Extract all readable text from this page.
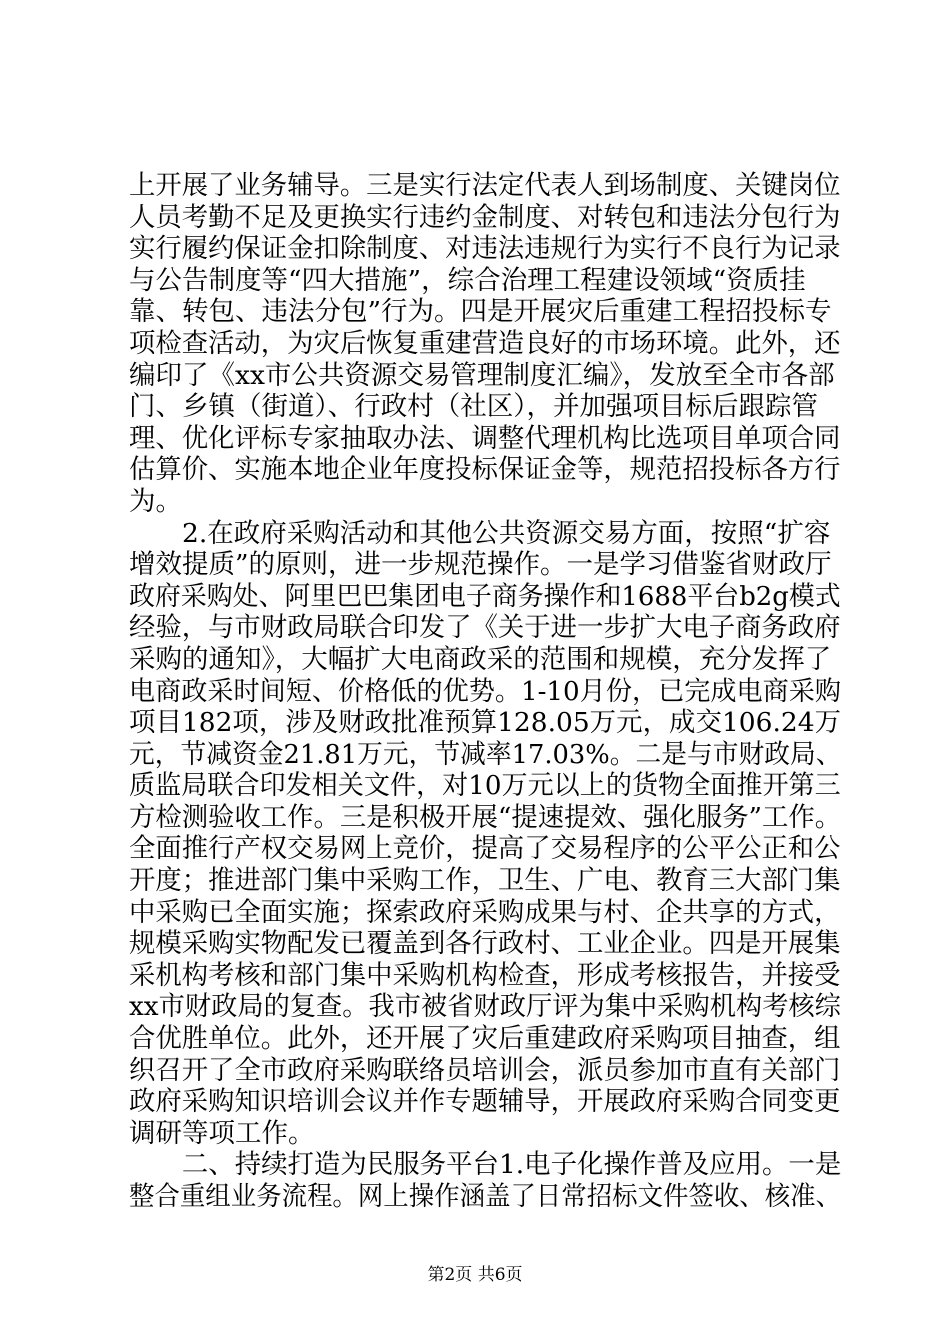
上开展了业务辅导。三是实行法定代表人到场制度、关键岗位
人员考勤不足及更换实行违约金制度、对转包和违法分包行为
实行履约保证金扣除制度、对违法违规行为实行不良行为记录
与公告制度等“四大措施”，综合治理工程建设领域“资质挂
靠、转包、违法分包”行为。四是开展灾后重建工程招投标专
项检查活动，为灾后恢复重建营造良好的市场环境。此外，还
编印了《xx市公共资源交易管理制度汇编》，发放至全市各部
门、乡镇（街道）、行政村（社区），并加强项目标后跟踪管
理、优化评标专家抽取办法、调整代理机构比选项目单项合同
估算价、实施本地企业年度投标保证金等，规范招投标各方行
为。
　　2.在政府采购活动和其他公共资源交易方面，按照“扩容
增效提质”的原则，进一步规范操作。一是学习借鉴省财政厅
政府采购处、阿里巴巴集团电子商务操作和1688平台b2g模式
经验，与市财政局联合印发了《关于进一步扩大电子商务政府
采购的通知》，大幅扩大电商政采的范围和规模，充分发挥了
电商政采时间短、价格低的优势。1-10月份，已完成电商采购
项目182项，涉及财政批准预算128.05万元，成交106.24万
元，节减资金21.81万元，节减率17.03%。二是与市财政局、
质监局联合印发相关文件，对10万元以上的货物全面推开第三
方检测验收工作。三是积极开展“提速提效、强化服务”工作。
全面推行产权交易网上竞价，提高了交易程序的公平公正和公
开度；推进部门集中采购工作，卫生、广电、教育三大部门集
中采购已全面实施；探索政府采购成果与村、企共享的方式，
规模采购实物配发已覆盖到各行政村、工业企业。四是开展集
采机构考核和部门集中采购机构检查，形成考核报告，并接受
xx市财政局的复查。我市被省财政厅评为集中采购机构考核综
合优胜单位。此外，还开展了灾后重建政府采购项目抽查，组
织召开了全市政府采购联络员培训会，派员参加市直有关部门
政府采购知识培训会议并作专题辅导，开展政府采购合同变更
调研等项工作。
　　二、持续打造为民服务平台1.电子化操作普及应用。一是
整合重组业务流程。网上操作涵盖了日常招标文件签收、核准、
第2页 共6页
